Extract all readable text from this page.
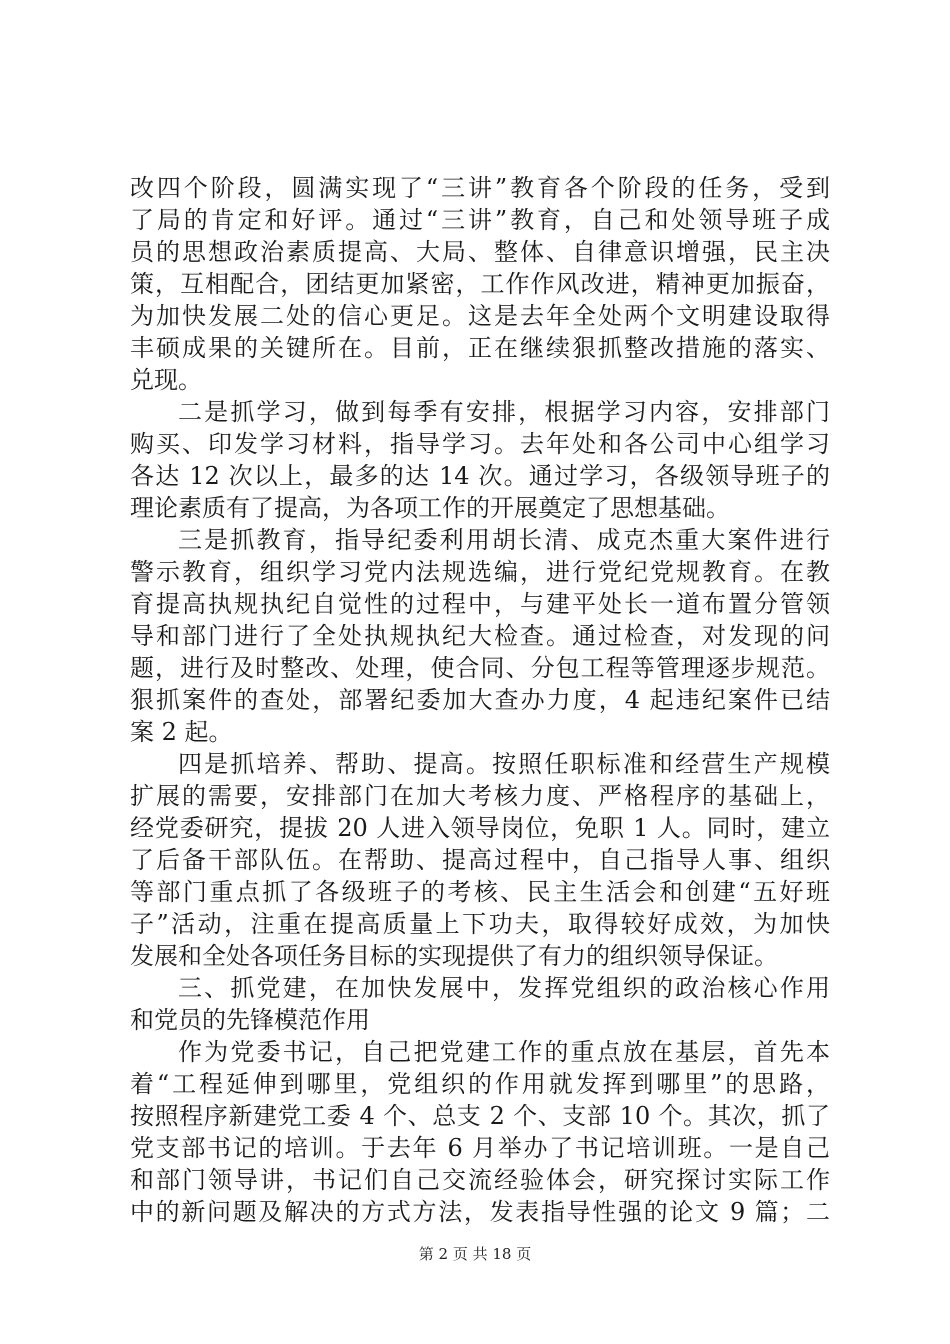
改四个阶段，圆满实现了“三讲”教育各个阶段的任务，受到
了局的肯定和好评。通过“三讲”教育，自己和处领导班子成
员的思想政治素质提高、大局、整体、自律意识增强，民主决
策，互相配合，团结更加紧密，工作作风改进，精神更加振奋，
为加快发展二处的信心更足。这是去年全处两个文明建设取得
丰硕成果的关键所在。目前，正在继续狠抓整改措施的落实、
兑现。
二是抓学习，做到每季有安排，根据学习内容，安排部门
购买、印发学习材料，指导学习。去年处和各公司中心组学习
各达 12 次以上，最多的达 14 次。通过学习，各级领导班子的
理论素质有了提高，为各项工作的开展奠定了思想基础。
三是抓教育，指导纪委利用胡长清、成克杰重大案件进行
警示教育，组织学习党内法规选编，进行党纪党规教育。在教
育提高执规执纪自觉性的过程中，与建平处长一道布置分管领
导和部门进行了全处执规执纪大检查。通过检查，对发现的问
题，进行及时整改、处理，使合同、分包工程等管理逐步规范。
狠抓案件的查处，部署纪委加大查办力度，4 起违纪案件已结
案 2 起。
四是抓培养、帮助、提高。按照任职标准和经营生产规模
扩展的需要，安排部门在加大考核力度、严格程序的基础上，
经党委研究，提拔 20 人进入领导岗位，免职 1 人。同时，建立
了后备干部队伍。在帮助、提高过程中，自己指导人事、组织
等部门重点抓了各级班子的考核、民主生活会和创建“五好班
子”活动，注重在提高质量上下功夫，取得较好成效，为加快
发展和全处各项任务目标的实现提供了有力的组织领导保证。
三、抓党建，在加快发展中，发挥党组织的政治核心作用
和党员的先锋模范作用
作为党委书记，自己把党建工作的重点放在基层，首先本
着“工程延伸到哪里，党组织的作用就发挥到哪里”的思路，
按照程序新建党工委 4 个、总支 2 个、支部 10 个。其次，抓了
党支部书记的培训。于去年 6 月举办了书记培训班。一是自己
和部门领导讲，书记们自己交流经验体会，研究探讨实际工作
中的新问题及解决的方式方法，发表指导性强的论文 9 篇；二
第 2 页 共 18 页
